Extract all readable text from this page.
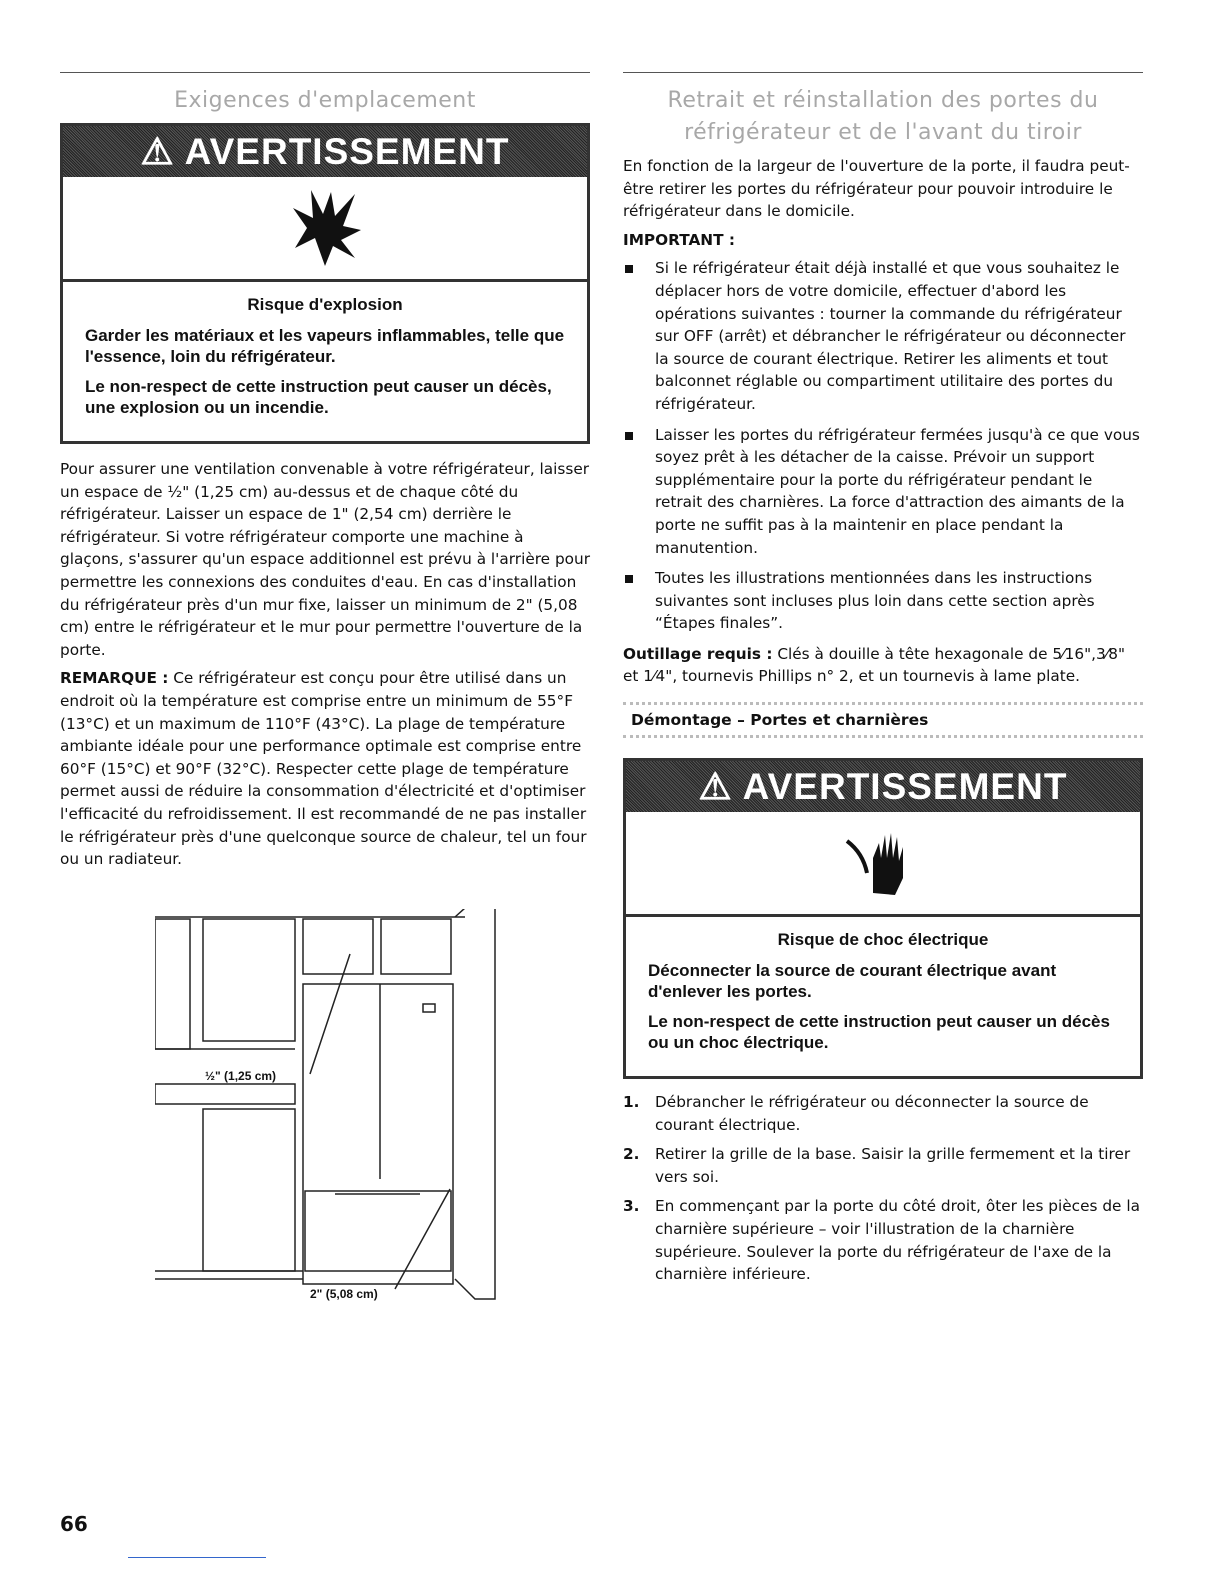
Exigences d'emplacement
⚠ AVERTISSEMENT
Risque d'explosion

Garder les matériaux et les vapeurs inflammables, telle que l'essence, loin du réfrigérateur.

Le non-respect de cette instruction peut causer un décès, une explosion ou un incendie.

Pour assurer une ventilation convenable à votre réfrigérateur, laisser un espace de ½" (1,25 cm) au-dessus et de chaque côté du réfrigérateur. Laisser un espace de 1" (2,54 cm) derrière le réfrigérateur. Si votre réfrigérateur comporte une machine à glaçons, s'assurer qu'un espace additionnel est prévu à l'arrière pour permettre les connexions des conduites d'eau. En cas d'installation du réfrigérateur près d'un mur fixe, laisser un minimum de 2" (5,08 cm) entre le réfrigérateur et le mur pour permettre l'ouverture de la porte.

REMARQUE : Ce réfrigérateur est conçu pour être utilisé dans un endroit où la température est comprise entre un minimum de 55°F (13°C) et un maximum de 110°F (43°C). La plage de température ambiante idéale pour une performance optimale est comprise entre 60°F (15°C) et 90°F (32°C). Respecter cette plage de température permet aussi de réduire la consommation d'électricité et d'optimiser l'efficacité du refroidissement. Il est recommandé de ne pas installer le réfrigérateur près d'une quelconque source de chaleur, tel un four ou un radiateur.

½" (1,25 cm)
2" (5,08 cm)
Retrait et réinstallation des portes du
réfrigérateur et de l'avant du tiroir

En fonction de la largeur de l'ouverture de la porte, il faudra peut-être retirer les portes du réfrigérateur pour pouvoir introduire le réfrigérateur dans le domicile.

IMPORTANT :

Si le réfrigérateur était déjà installé et que vous souhaitez le déplacer hors de votre domicile, effectuer d'abord les opérations suivantes : tourner la commande du réfrigérateur sur OFF (arrêt) et débrancher le réfrigérateur ou déconnecter la source de courant électrique. Retirer les aliments et tout balconnet réglable ou compartiment utilitaire des portes du réfrigérateur.
Laisser les portes du réfrigérateur fermées jusqu'à ce que vous soyez prêt à les détacher de la caisse. Prévoir un support supplémentaire pour la porte du réfrigérateur pendant le retrait des charnières. La force d'attraction des aimants de la porte ne suffit pas à la maintenir en place pendant la manutention.
Toutes les illustrations mentionnées dans les instructions suivantes sont incluses plus loin dans cette section après “Étapes finales”.

Outillage requis : Clés à douille à tête hexagonale de 5⁄16",3⁄8" et 1⁄4", tournevis Phillips n° 2, et un tournevis à lame plate.

Démontage – Portes et charnières
⚠ AVERTISSEMENT
Risque de choc électrique

Déconnecter la source de courant électrique avant d'enlever les portes.

Le non-respect de cette instruction peut causer un décès ou un choc électrique.

1. Débrancher le réfrigérateur ou déconnecter la source de courant électrique.
2. Retirer la grille de la base. Saisir la grille fermement et la tirer vers soi.
3. En commençant par la porte du côté droit, ôter les pièces de la charnière supérieure – voir l'illustration de la charnière supérieure. Soulever la porte du réfrigérateur de l'axe de la charnière inférieure.
66
